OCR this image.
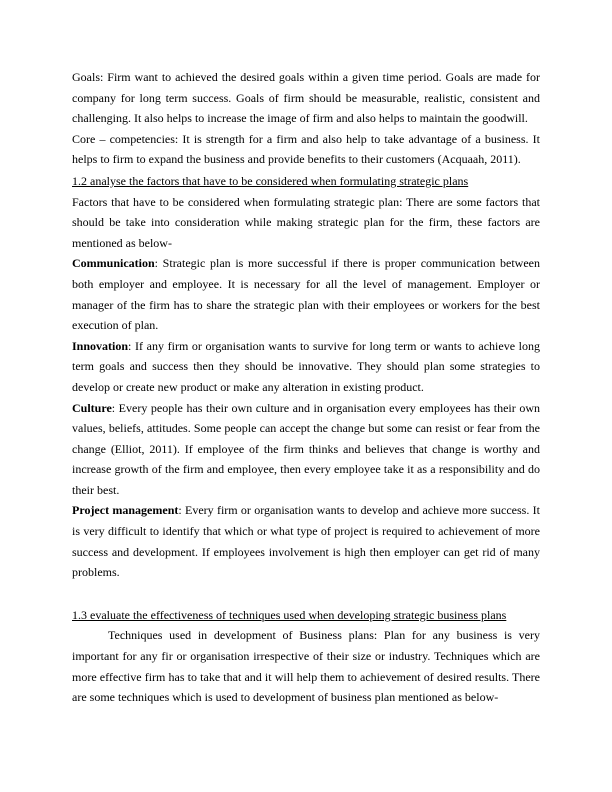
Goals: Firm want to achieved the desired goals within a given time period. Goals are made for company for long term success. Goals of firm should be measurable, realistic, consistent and challenging. It also helps to increase the image of firm and also helps to maintain the goodwill.

Core – competencies: It is strength for a firm and also help to take advantage of a business. It helps to firm to expand the business and provide benefits to their customers (Acquaah, 2011).

1.2 analyse the factors that have to be considered when formulating strategic plans

Factors that have to be considered when formulating strategic plan: There are some factors that should be take into consideration while making strategic plan for the firm, these factors are mentioned as below-

Communication: Strategic plan is more successful if there is proper communication between both employer and employee. It is necessary for all the level of management. Employer or manager of the firm has to share the strategic plan with their employees or workers for the best execution of plan.

Innovation: If any firm or organisation wants to survive for long term or wants to achieve long term goals and success then they should be innovative. They should plan some strategies to develop or create new product or make any alteration in existing product.

Culture: Every people has their own culture and in organisation every employees has their own values, beliefs, attitudes. Some people can accept the change but some can resist or fear from the change (Elliot, 2011). If employee of the firm thinks and believes that change is worthy and increase growth of the firm and employee, then every employee take it as a responsibility and do their best.

Project management: Every firm or organisation wants to develop and achieve more success. It is very difficult to identify that which or what type of project is required to achievement of more success and development. If employees involvement is high then employer can get rid of many problems.

1.3 evaluate the effectiveness of techniques used when developing strategic business plans

Techniques used in development of Business plans: Plan for any business is very important for any fir or organisation irrespective of their size or industry. Techniques which are more effective firm has to take that and it will help them to achievement of desired results. There are some techniques which is used to development of business plan mentioned as below-
